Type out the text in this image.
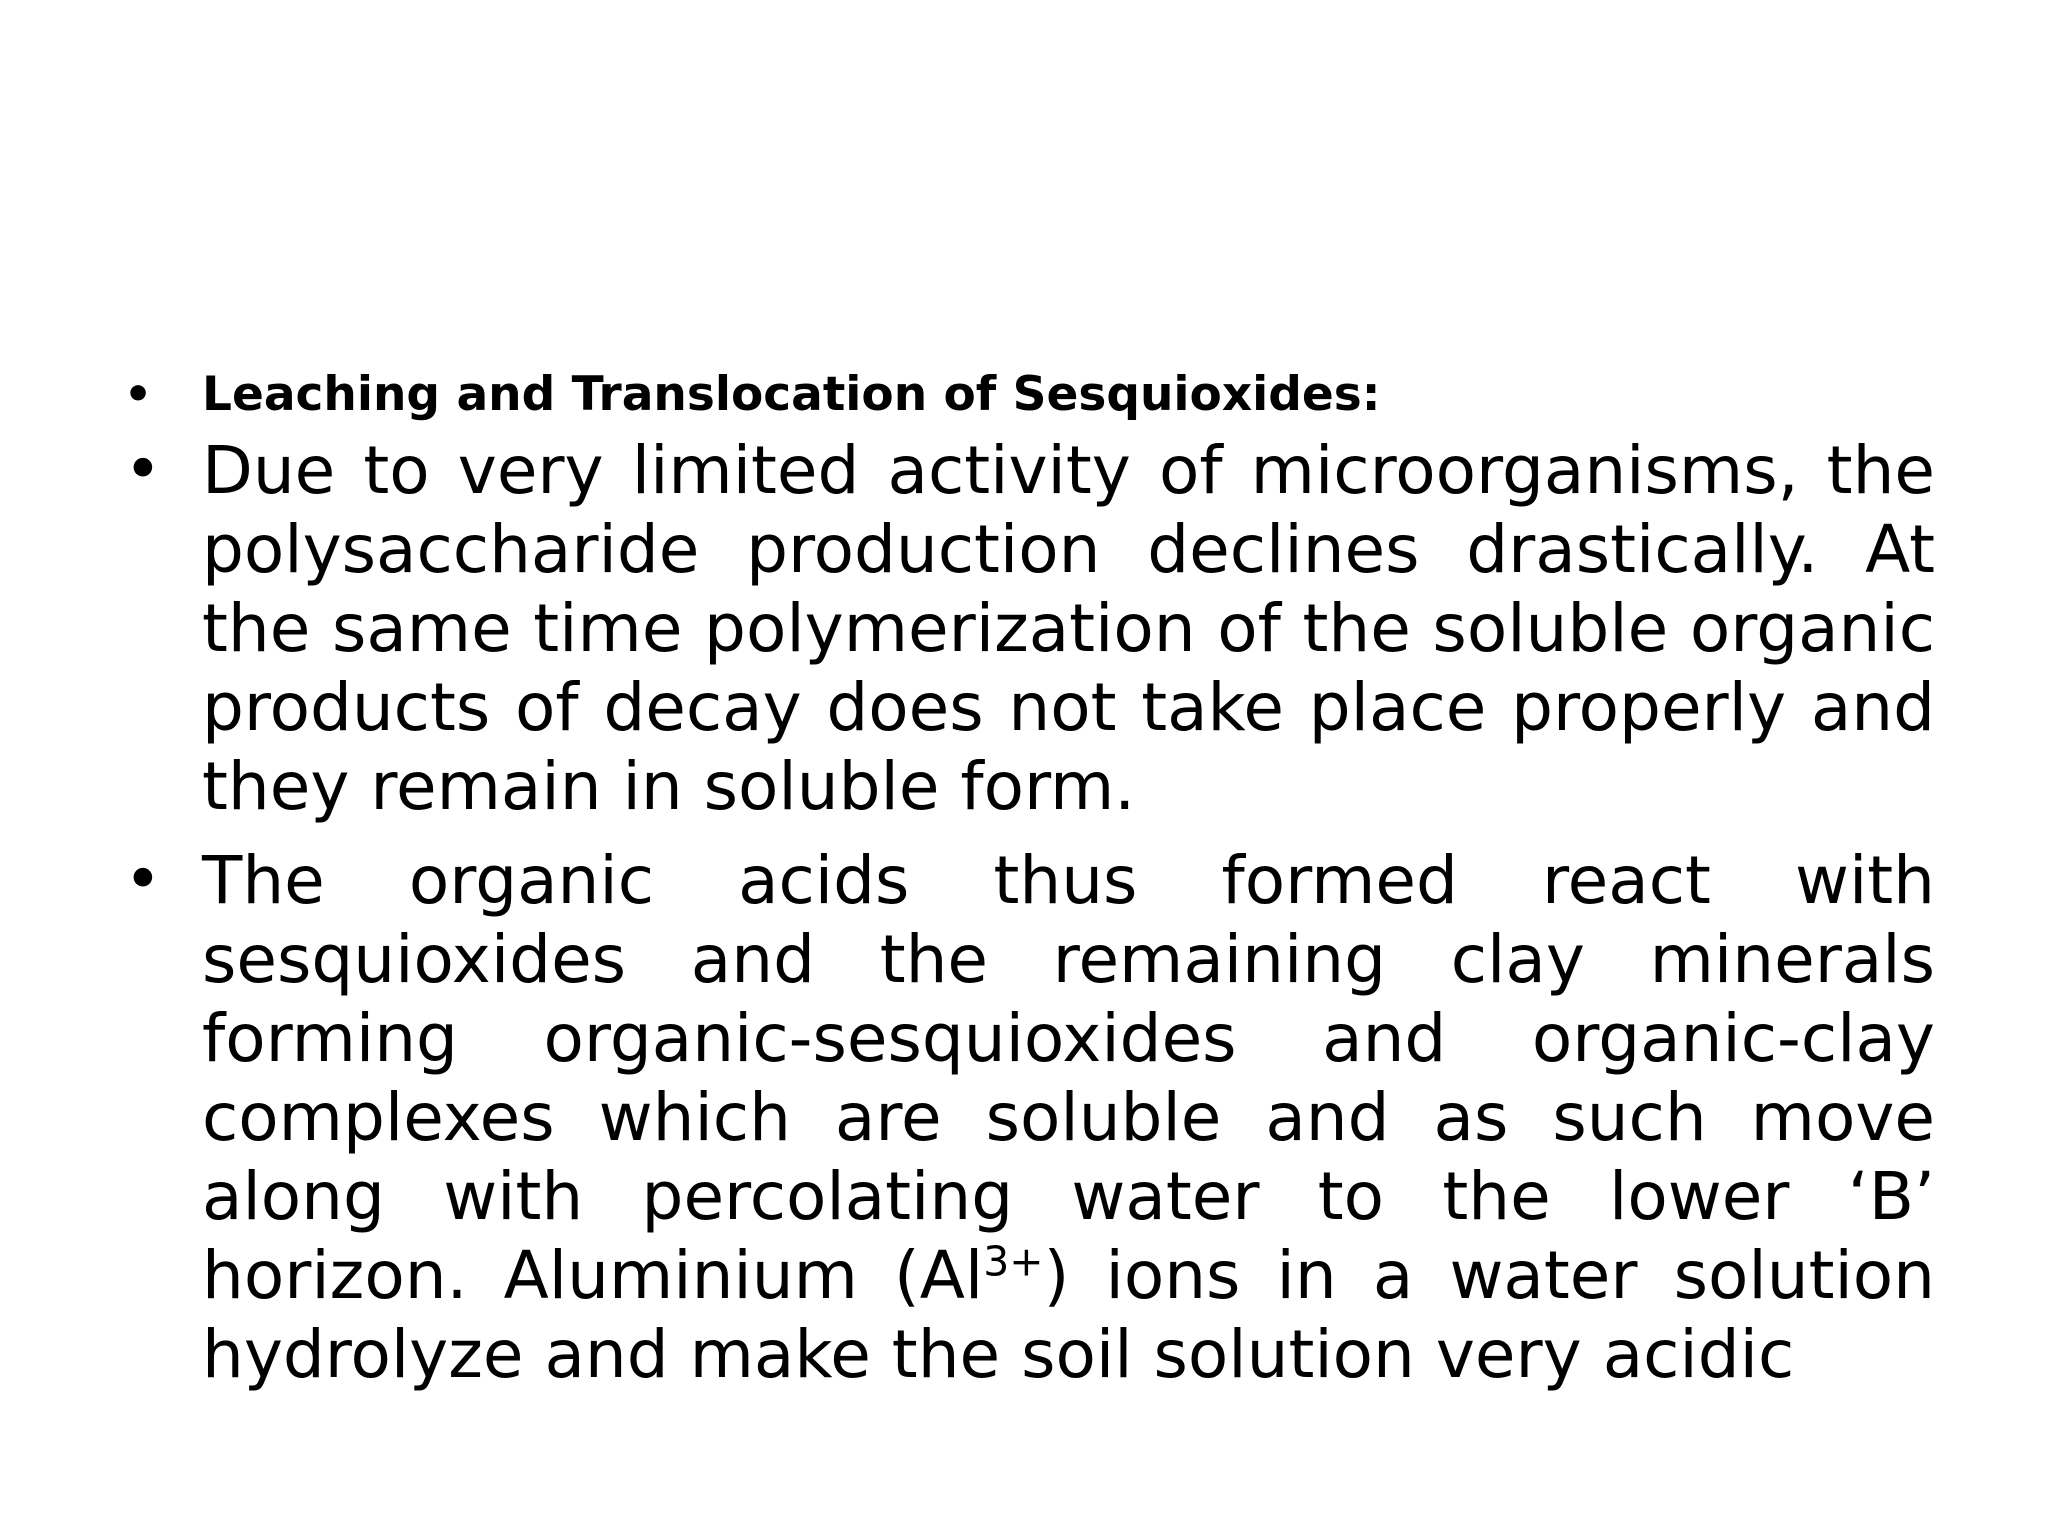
•	Leaching and Translocation of Sesquioxides:
• Due to very limited activity of microorganisms, the polysaccharide production declines drastically. At the same time polymerization of the soluble organic products of decay does not take place properly and they remain in soluble form.
• The organic acids thus formed react with sesquioxides and the remaining clay minerals forming organic-sesquioxides and organic-clay complexes which are soluble and as such move along with percolating water to the lower ‘B’ horizon. Aluminium $(Al^{3+})$ ions in a water solution hydrolyze and make the soil solution very acidic
